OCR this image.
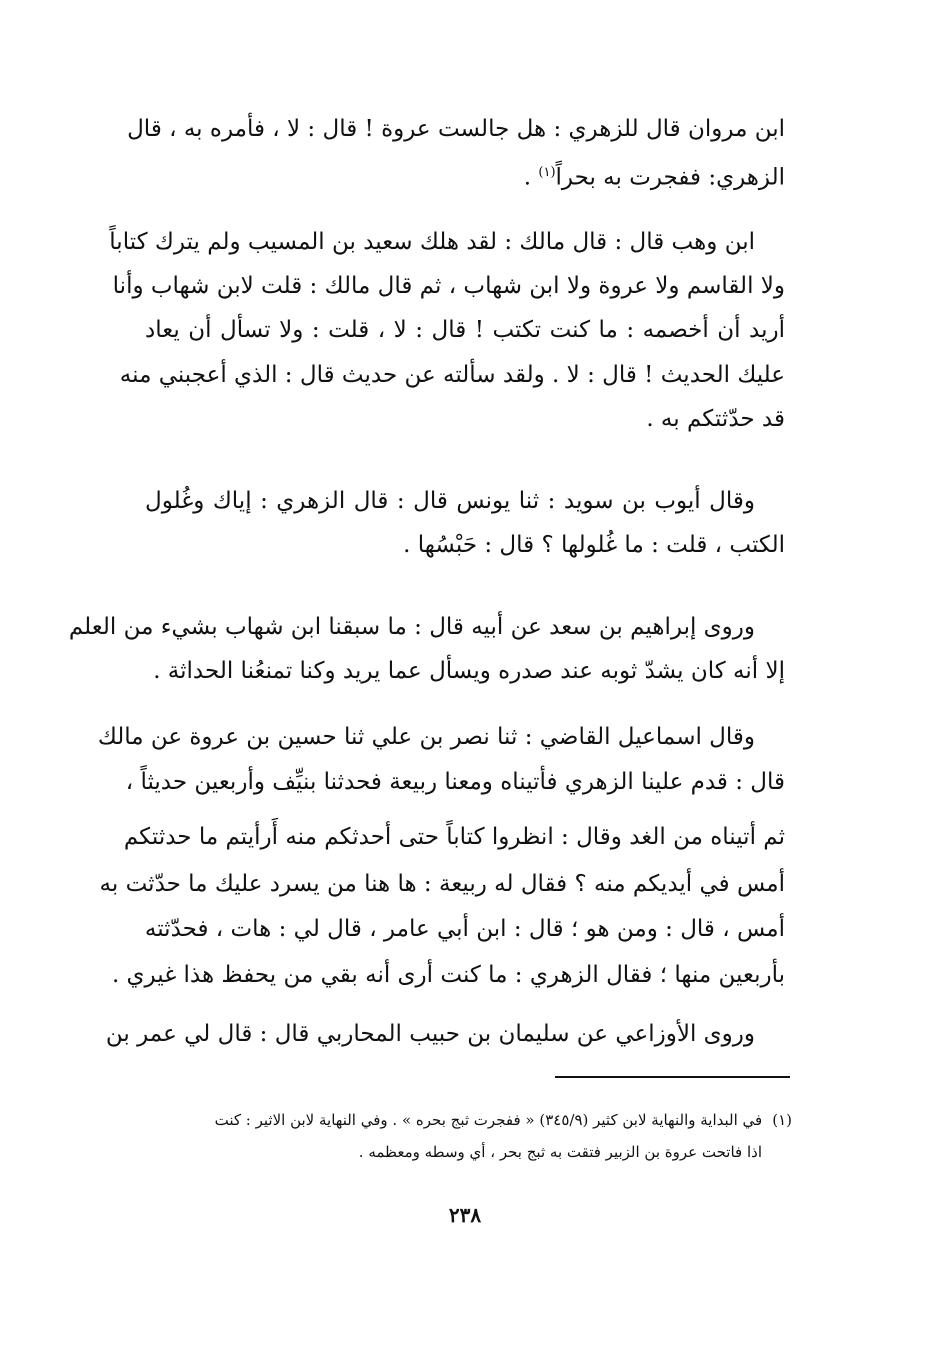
ابن مروان قال للزهري : هل جالست عروة ! قال : لا ، فأمره به ، قال
الزهري: ففجرت به بحراً$^{(١)}$ .
ابن وهب قال : قال مالك : لقد هلك سعيد بن المسيب ولم يترك كتاباً
ولا القاسم ولا عروة ولا ابن شهاب ، ثم قال مالك : قلت لابن شهاب وأنا
أريد أن أخصمه : ما كنت تكتب ! قال : لا ، قلت : ولا تسأل أن يعاد
عليك الحديث ! قال : لا . ولقد سألته عن حديث قال : الذي أعجبني منه
قد حدّثتكم به .
وقال أيوب بن سويد : ثنا يونس قال : قال الزهري : إياك وغُلول
الكتب ، قلت : ما غُلولها ؟ قال : حَبْسُها .
وروى إبراهيم بن سعد عن أبيه قال : ما سبقنا ابن شهاب بشيء من العلم
إلا أنه كان يشدّ ثوبه عند صدره ويسأل عما يريد وكنا تمنعُنا الحداثة .
وقال اسماعيل القاضي : ثنا نصر بن علي ثنا حسين بن عروة عن مالك
قال : قدم علينا الزهري فأتيناه ومعنا ربيعة فحدثنا بنيِّف وأربعين حديثاً ،
ثم أتيناه من الغد وقال : انظروا كتاباً حتى أحدثكم منه أَرأيتم ما حدثتكم
أمس في أيديكم منه ؟ فقال له ربيعة : ها هنا من يسرد عليك ما حدّثت به
أمس ، قال : ومن هو ؛ قال : ابن أبي عامر ، قال لي : هات ، فحدّثته
بأربعين منها ؛ فقال الزهري : ما كنت أرى أنه بقي من يحفظ هذا غيري .
وروى الأوزاعي عن سليمان بن حبيب المحاربي قال : قال لي عمر بن
(١)في البداية والنهاية لابن كثير (٣٤٥/٩) « ففجرت ثبج بحره » . وفي النهاية لابن الاثير : كنت
اذا فاتحت عروة بن الزبير فتقت به ثبج بحر ، أي وسطه ومعظمه .
٢٣٨
